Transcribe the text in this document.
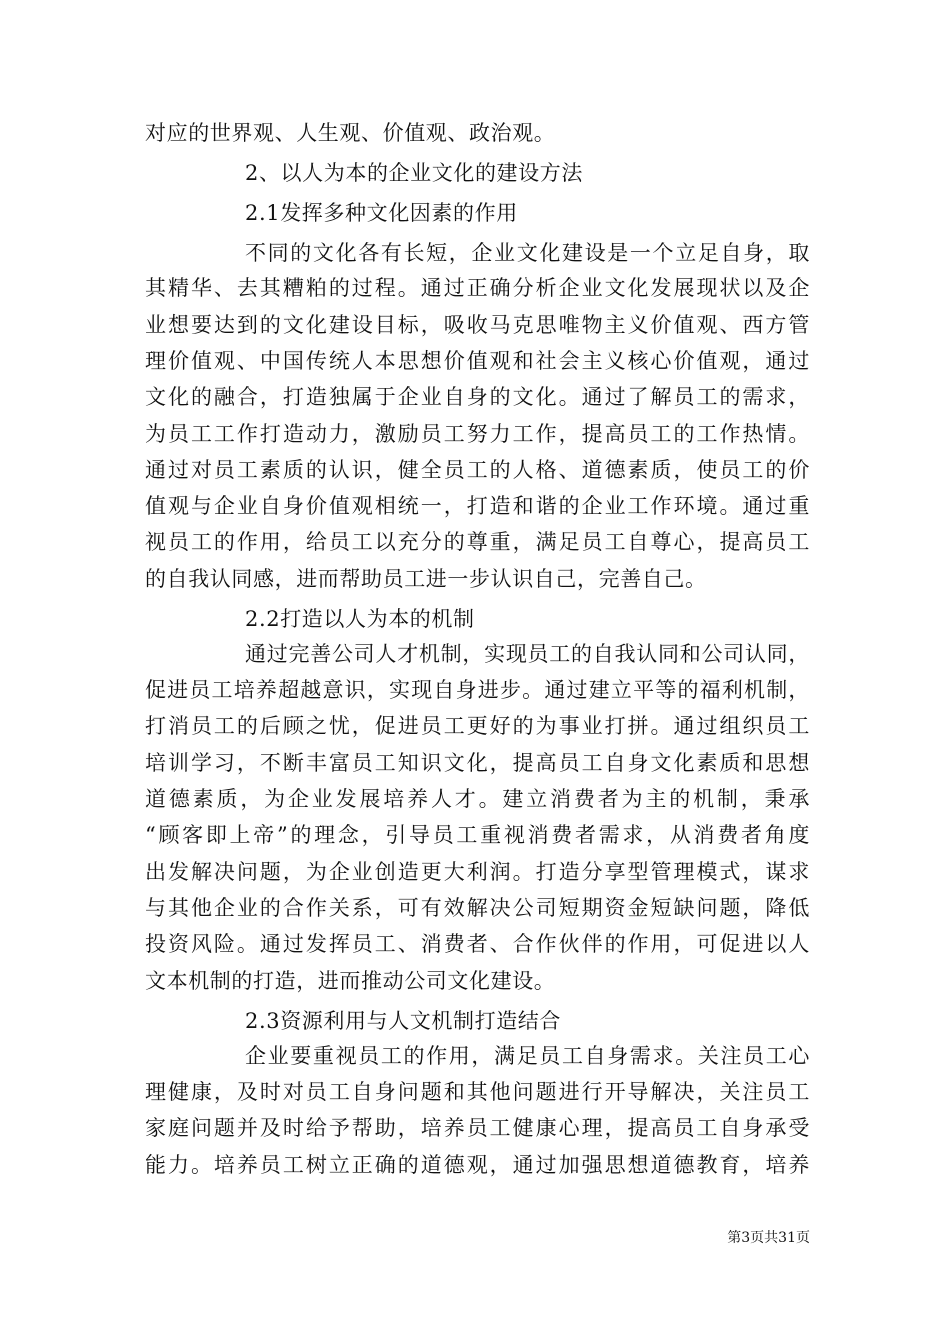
对应的世界观、人生观、价值观、政治观。
2、以人为本的企业文化的建设方法
2.1发挥多种文化因素的作用
不同的文化各有长短，企业文化建设是一个立足自身，取
其精华、去其糟粕的过程。通过正确分析企业文化发展现状以及企
业想要达到的文化建设目标，吸收马克思唯物主义价值观、西方管
理价值观、中国传统人本思想价值观和社会主义核心价值观，通过
文化的融合，打造独属于企业自身的文化。通过了解员工的需求，
为员工工作打造动力，激励员工努力工作，提高员工的工作热情。
通过对员工素质的认识，健全员工的人格、道德素质，使员工的价
值观与企业自身价值观相统一，打造和谐的企业工作环境。通过重
视员工的作用，给员工以充分的尊重，满足员工自尊心，提高员工
的自我认同感，进而帮助员工进一步认识自己，完善自己。
2.2打造以人为本的机制
通过完善公司人才机制，实现员工的自我认同和公司认同，
促进员工培养超越意识，实现自身进步。通过建立平等的福利机制，
打消员工的后顾之忧，促进员工更好的为事业打拼。通过组织员工
培训学习，不断丰富员工知识文化，提高员工自身文化素质和思想
道德素质，为企业发展培养人才。建立消费者为主的机制，秉承
“顾客即上帝”的理念，引导员工重视消费者需求，从消费者角度
出发解决问题，为企业创造更大利润。打造分享型管理模式，谋求
与其他企业的合作关系，可有效解决公司短期资金短缺问题，降低
投资风险。通过发挥员工、消费者、合作伙伴的作用，可促进以人
文本机制的打造，进而推动公司文化建设。
2.3资源利用与人文机制打造结合
企业要重视员工的作用，满足员工自身需求。关注员工心
理健康，及时对员工自身问题和其他问题进行开导解决，关注员工
家庭问题并及时给予帮助，培养员工健康心理，提高员工自身承受
能力。培养员工树立正确的道德观，通过加强思想道德教育，培养
第3页共31页
